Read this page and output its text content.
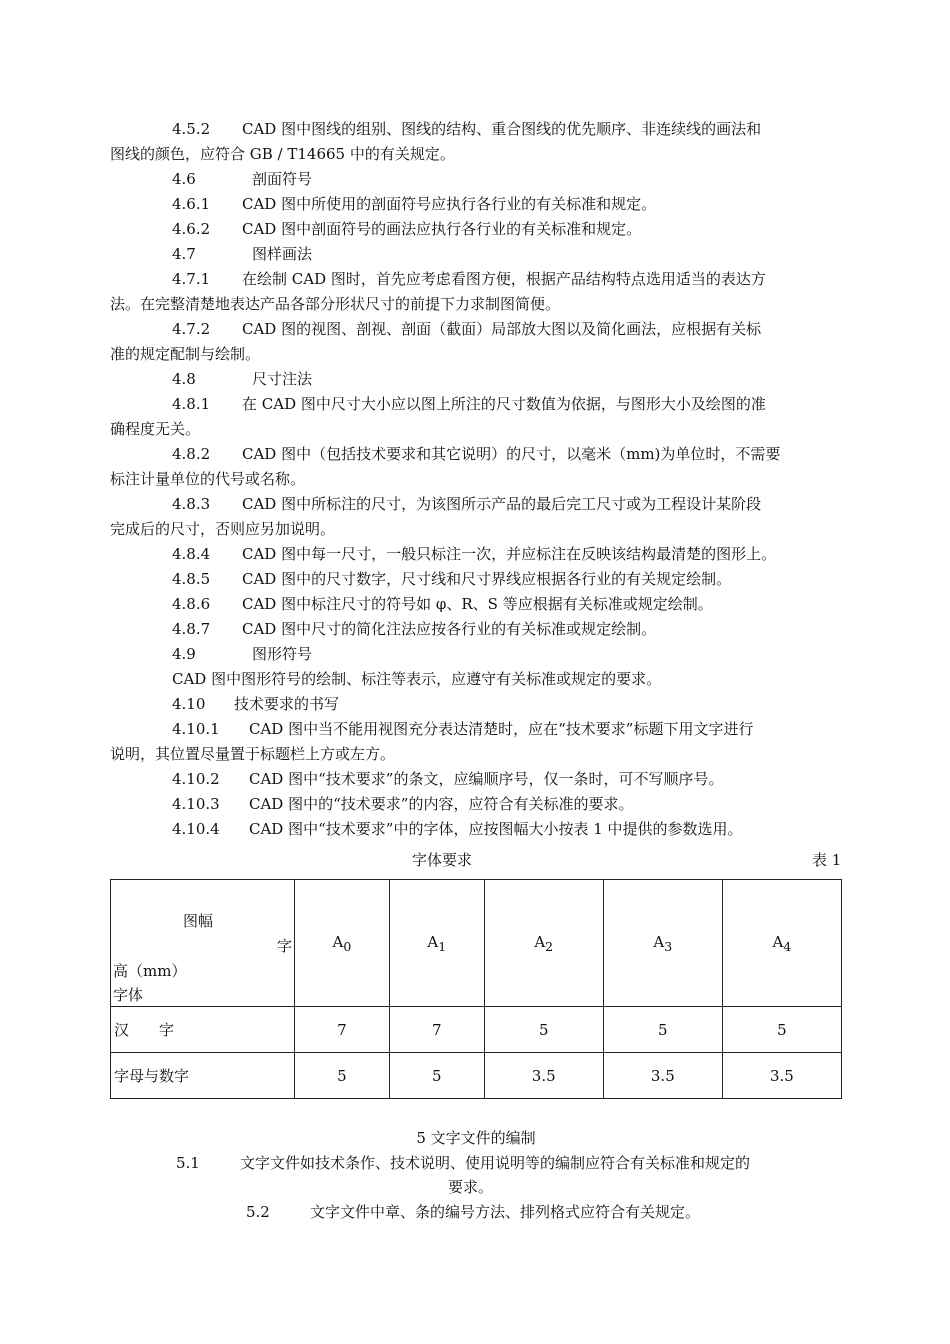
4.5.2 CAD 图中图线的组别、图线的结构、重合图线的优先顺序、非连续线的画法和
图线的颜色，应符合 GB / T14665 中的有关规定。
4.6	剖面符号
4.6.1 CAD 图中所使用的剖面符号应执行各行业的有关标准和规定。
4.6.2 CAD 图中剖面符号的画法应执行各行业的有关标准和规定。
4.7	图样画法
4.7.1 在绘制 CAD 图时，首先应考虑看图方便，根据产品结构特点选用适当的表达方
法。在完整清楚地表达产品各部分形状尺寸的前提下力求制图简便。
4.7.2 CAD 图的视图、剖视、剖面（截面）局部放大图以及简化画法，应根据有关标
准的规定配制与绘制。
4.8	尺寸注法
4.8.1 在 CAD 图中尺寸大小应以图上所注的尺寸数值为依据，与图形大小及绘图的准
确程度无关。
4.8.2 CAD 图中（包括技术要求和其它说明）的尺寸，以毫米（mm)为单位时，不需要
标注计量单位的代号或名称。
4.8.3 CAD 图中所标注的尺寸，为该图所示产品的最后完工尺寸或为工程设计某阶段
完成后的尺寸，否则应另加说明。
4.8.4 CAD 图中每一尺寸，一般只标注一次，并应标注在反映该结构最清楚的图形上。
4.8.5 CAD 图中的尺寸数字，尺寸线和尺寸界线应根据各行业的有关规定绘制。
4.8.6 CAD 图中标注尺寸的符号如 φ、R、S 等应根据有关标准或规定绘制。
4.8.7 CAD 图中尺寸的简化注法应按各行业的有关标准或规定绘制。
4.9	图形符号
CAD 图中图形符号的绘制、标注等表示，应遵守有关标准或规定的要求。
4.10 技术要求的书写
4.10.1 CAD 图中当不能用视图充分表达清楚时，应在“技术要求”标题下用文字进行
说明，其位置尽量置于标题栏上方或左方。
4.10.2 CAD 图中“技术要求”的条文，应编顺序号，仅一条时，可不写顺序号。
4.10.3 CAD 图中的“技术要求”的内容，应符合有关标准的要求。
4.10.4 CAD 图中“技术要求”中的字体，应按图幅大小按表 1 中提供的参数选用。
字体要求	表 1
图幅
字
高（mm）
字体	$A_0$	$A_1$	$A_2$	$A_3$	$A_4$
汉　　字	7	7	5	5	5
字母与数字	5	5	3.5	3.5	3.5
5 文字文件的编制
5.1	文字文件如技术条作、技术说明、使用说明等的编制应符合有关标准和规定的
要求。
5.2	文字文件中章、条的编号方法、排列格式应符合有关规定。
